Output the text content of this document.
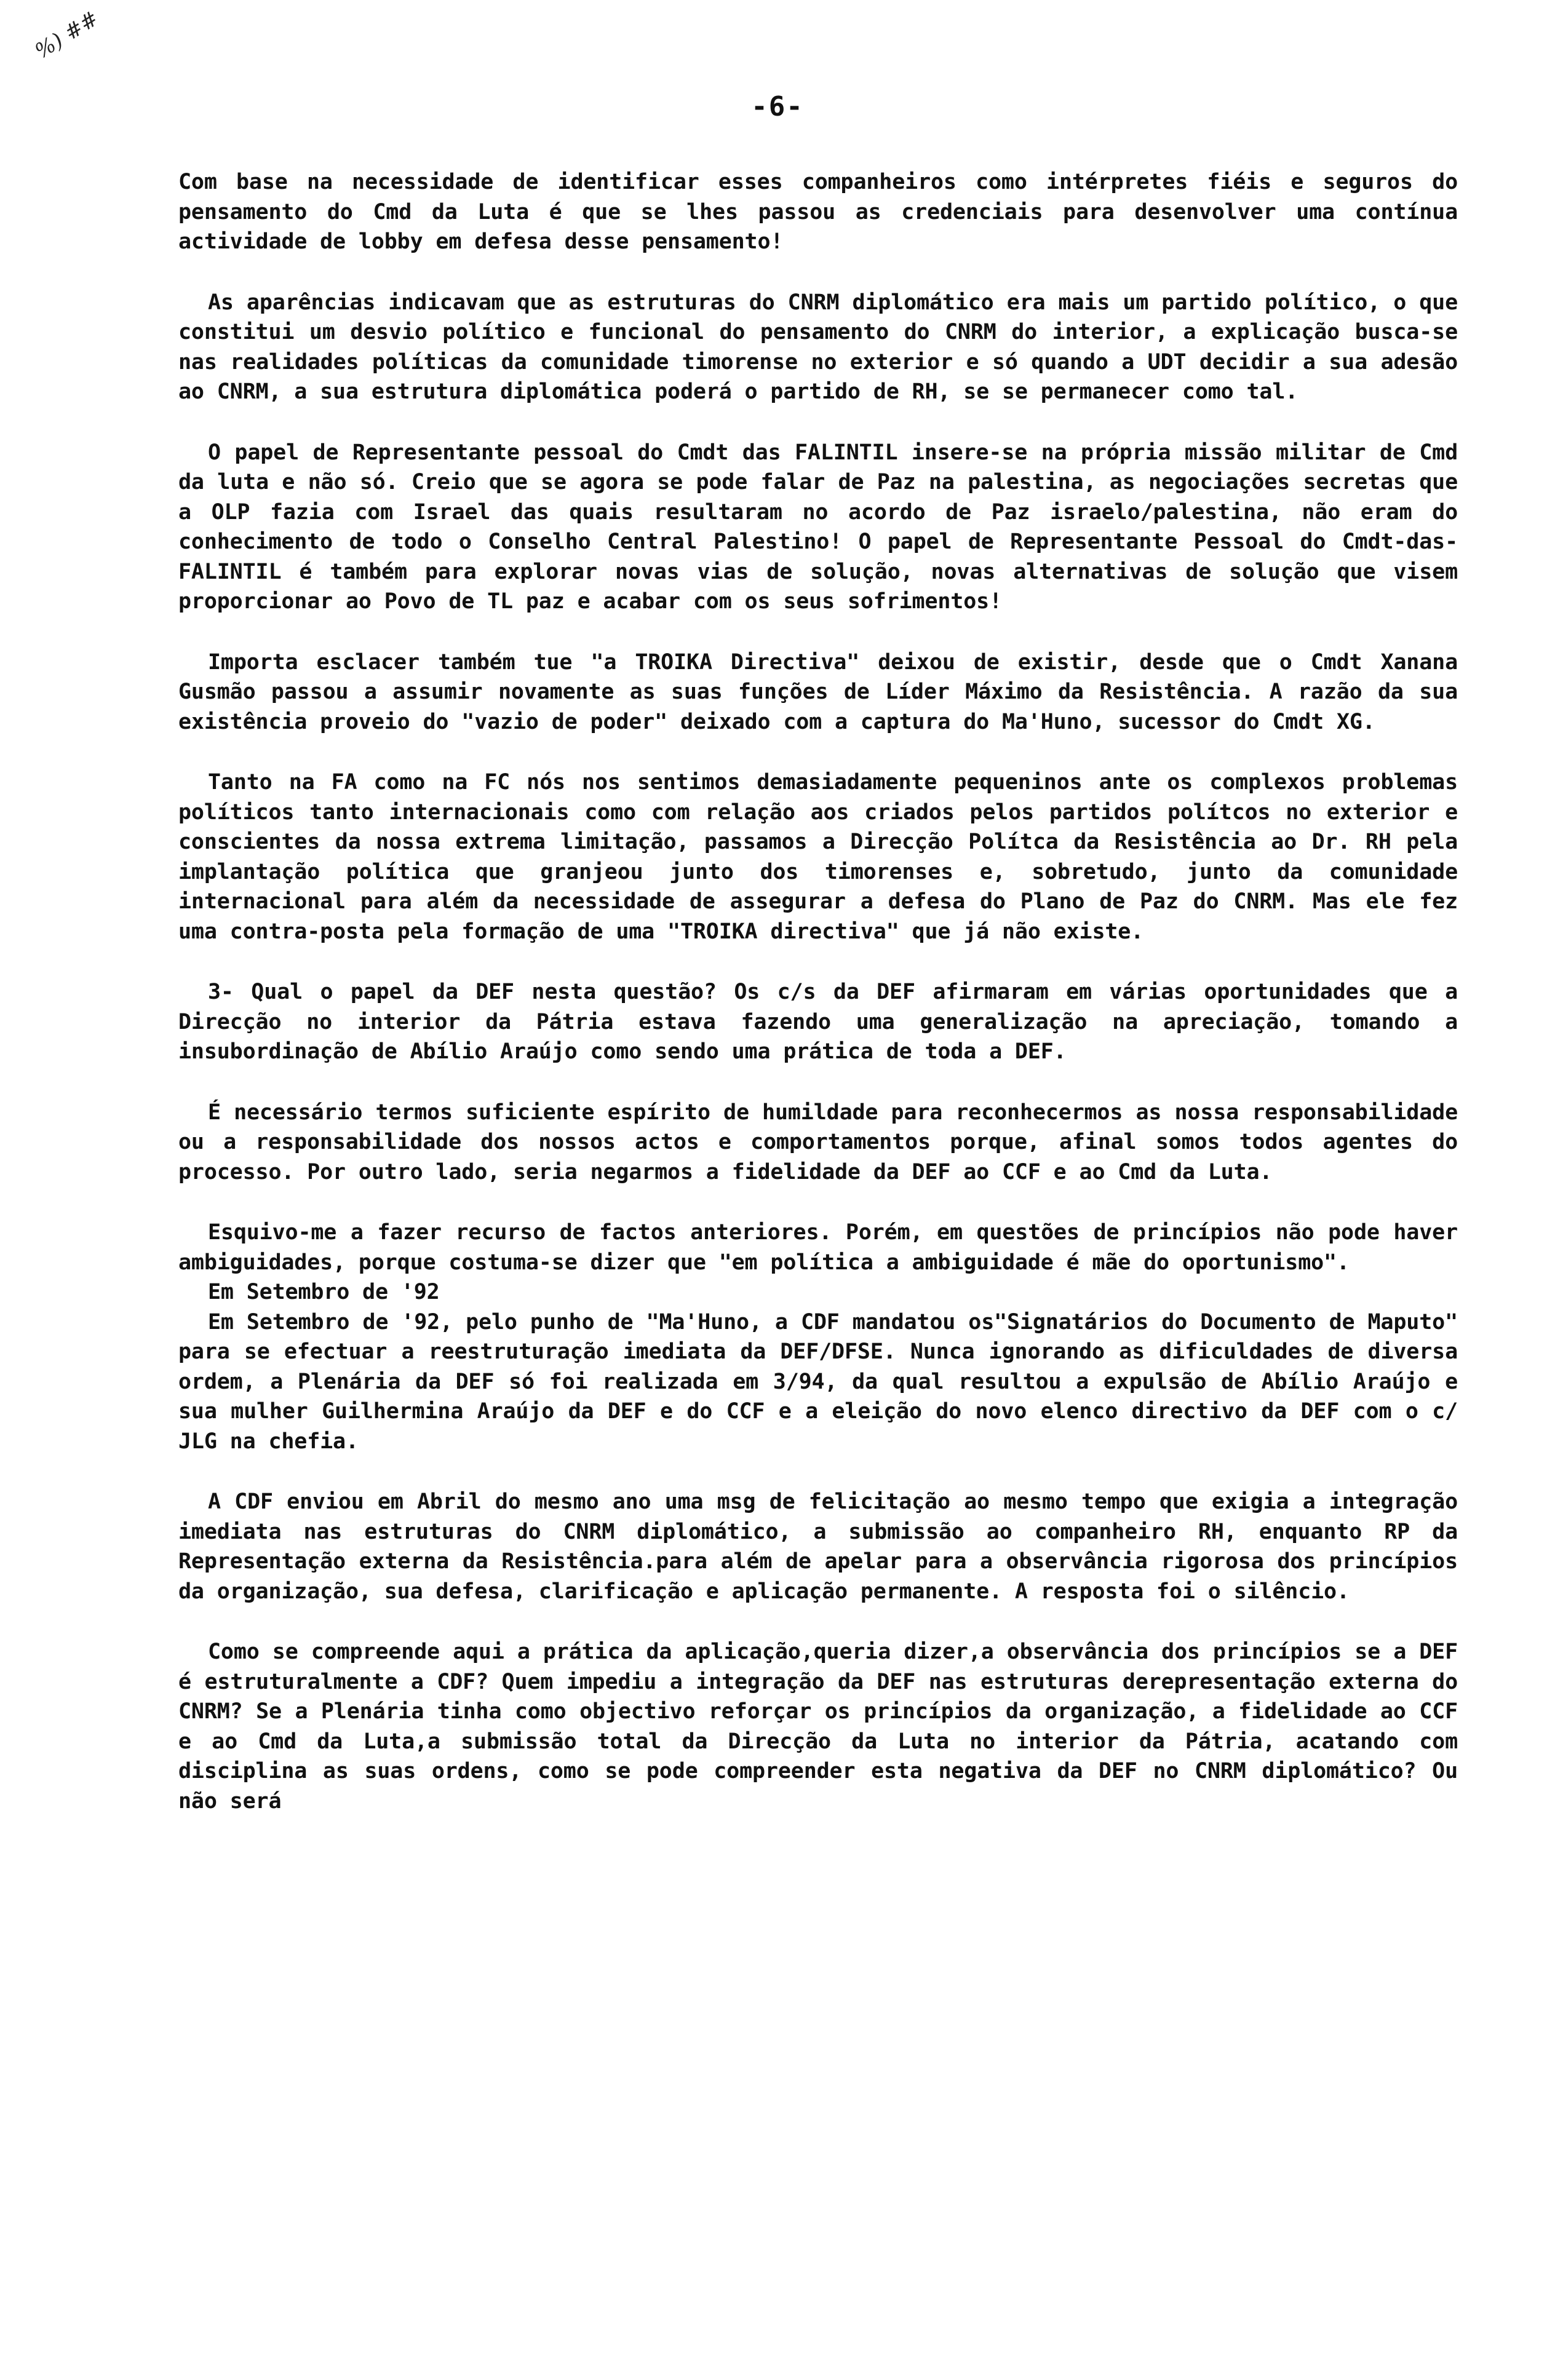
%) ##
-6-

Com base na necessidade de identificar esses companheiros como intérpretes fiéis e seguros do pensamento do Cmd da Luta é que se lhes passou as credenciais para desenvolver uma contínua actividade de lobby em defesa desse pensamento!

As aparências indicavam que as estruturas do CNRM diplomático era mais um partido político, o que constitui um desvio político e funcional do pensamento do CNRM do interior, a explicação busca-se nas realidades políticas da comunidade timorense no exterior e só quando a UDT decidir a sua adesão ao CNRM, a sua estrutura diplomática poderá o partido de RH, se se permanecer como tal.

O papel de Representante pessoal do Cmdt das FALINTIL insere-se na própria missão militar de Cmd da luta e não só. Creio que se agora se pode falar de Paz na palestina, as negociações secretas que a OLP fazia com Israel das quais resultaram no acordo de Paz israelo/palestina, não eram do conhecimento de todo o Conselho Central Palestino! O papel de Representante Pessoal do Cmdt-das-FALINTIL é também para explorar novas vias de solução, novas alternativas de solução que visem proporcionar ao Povo de TL paz e acabar com os seus sofrimentos!

Importa esclacer também tue "a TROIKA Directiva" deixou de existir, desde que o Cmdt Xanana Gusmão passou a assumir novamente as suas funções de Líder Máximo da Resistência. A razão da sua existência proveio do "vazio de poder" deixado com a captura do Ma'Huno, sucessor do Cmdt XG.

Tanto na FA como na FC nós nos sentimos demasiadamente pequeninos ante os complexos problemas políticos tanto internacionais como com relação aos criados pelos partidos polítcos no exterior e conscientes da nossa extrema limitação, passamos a Direcção Polítca da Resistência ao Dr. RH pela implantação política que granjeou junto dos timorenses e, sobretudo, junto da comunidade internacional para além da necessidade de assegurar a defesa do Plano de Paz do CNRM. Mas ele fez uma contra-posta pela formação de uma "TROIKA directiva" que já não existe.

3- Qual o papel da DEF nesta questão? Os c/s da DEF afirmaram em várias oportunidades que a Direcção no interior da Pátria estava fazendo uma generalização na apreciação, tomando a insubordinação de Abílio Araújo como sendo uma prática de toda a DEF.

É necessário termos suficiente espírito de humildade para reconhecermos as nossa responsabilidade ou a responsabilidade dos nossos actos e comportamentos porque, afinal somos todos agentes do processo. Por outro lado, seria negarmos a fidelidade da DEF ao CCF e ao Cmd da Luta.

Esquivo-me a fazer recurso de factos anteriores. Porém, em questões de princípios não pode haver ambiguidades, porque costuma-se dizer que "em política a ambiguidade é mãe do oportunismo".

Em Setembro de '92

Em Setembro de '92, pelo punho de "Ma'Huno, a CDF mandatou os"Signatários do Documento de Maputo" para se efectuar a reestruturação imediata da DEF/DFSE. Nunca ignorando as dificuldades de diversa ordem, a Plenária da DEF só foi realizada em 3/94, da qual resultou a expulsão de Abílio Araújo e sua mulher Guilhermina Araújo da DEF e do CCF e a eleição do novo elenco directivo da DEF com o c/ JLG na chefia.

A CDF enviou em Abril do mesmo ano uma msg de felicitação ao mesmo tempo que exigia a integração imediata nas estruturas do CNRM diplomático, a submissão ao companheiro RH, enquanto RP da Representação externa da Resistência.para além de apelar para a observância rigorosa dos princípios da organização, sua defesa, clarificação e aplicação permanente. A resposta foi o silêncio.

Como se compreende aqui a prática da aplicação,queria dizer,a observância dos princípios se a DEF é estruturalmente a CDF? Quem impediu a integração da DEF nas estruturas derepresentação externa do CNRM? Se a Plenária tinha como objectivo reforçar os princípios da organização, a fidelidade ao CCF e ao Cmd da Luta,a submissão total da Direcção da Luta no interior da Pátria, acatando com disciplina as suas ordens, como se pode compreender esta negativa da DEF no CNRM diplomático? Ou não será
